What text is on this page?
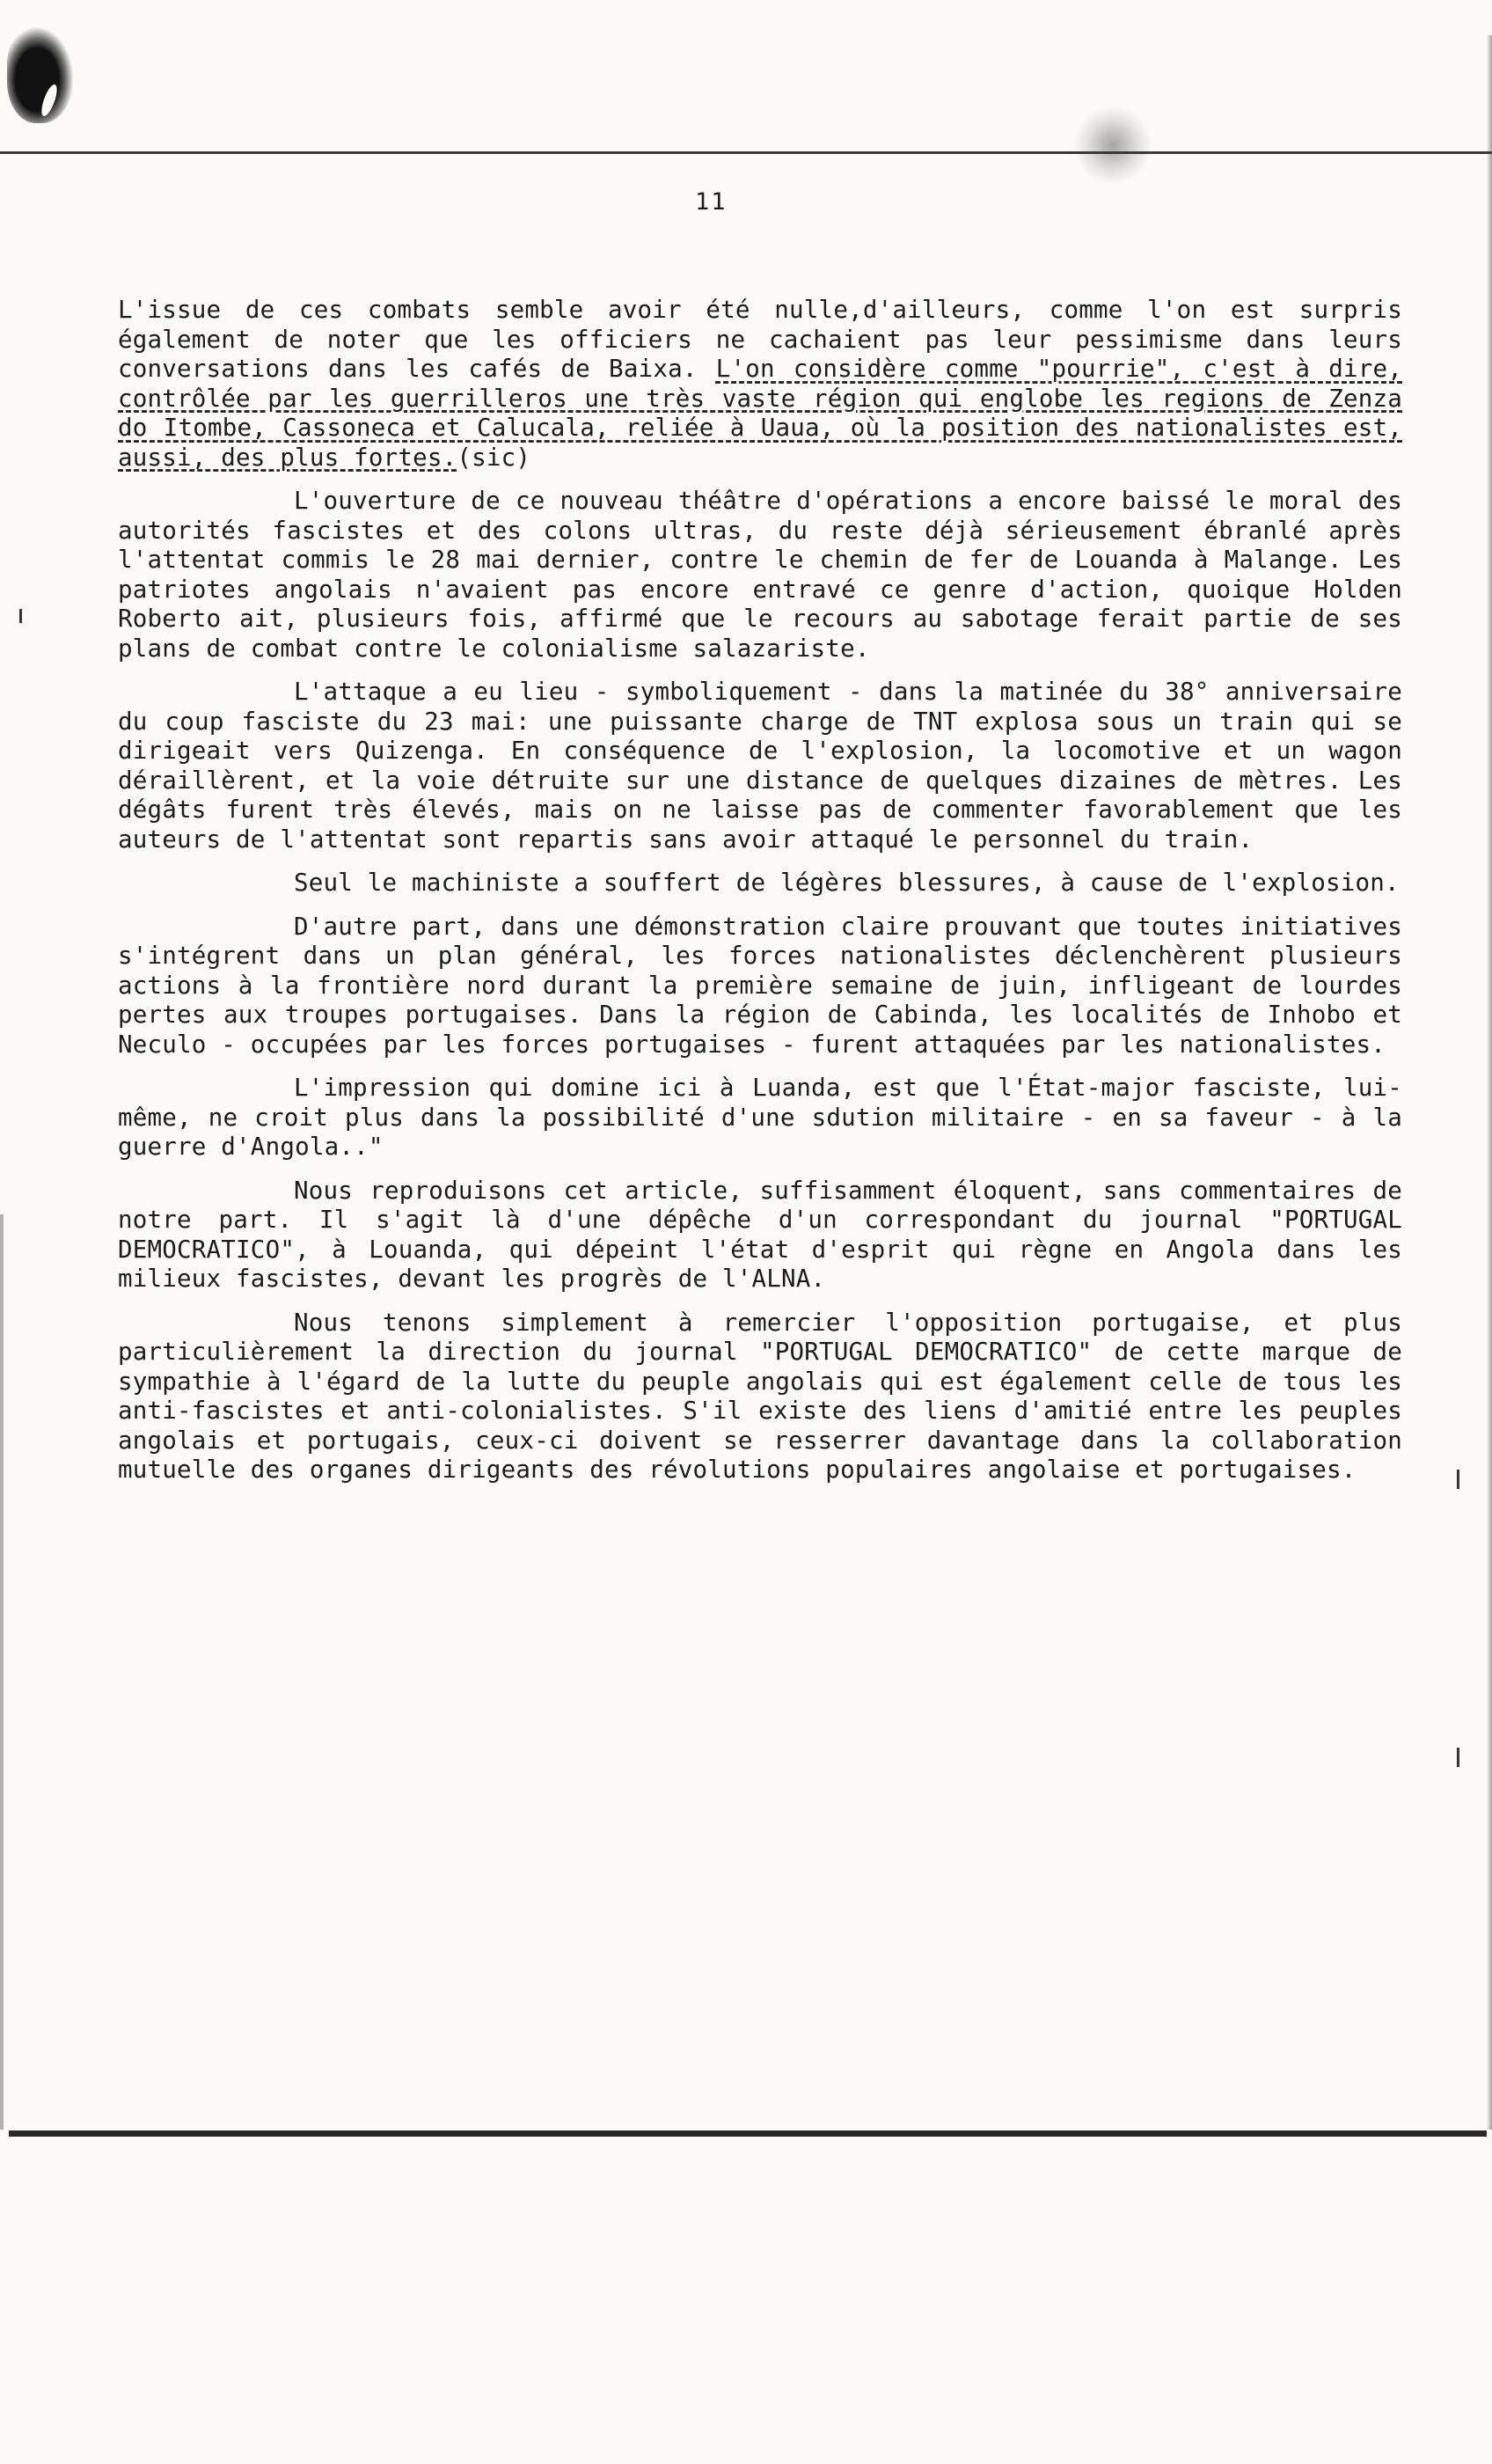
11

L'issue de ces combats semble avoir été nulle,d'ailleurs, comme l'on est surpris également de noter que les officiers ne cachaient pas leur pessimisme dans leurs conversations dans les cafés de Baixa. L'on considère comme "pourrie", c'est à dire, contrôlée par les guerrilleros une très vaste région qui englobe les regions de Zenza do Itombe, Cassoneca et Calucala, reliée à Uaua, où la position des nationalistes est, aussi, des plus fortes.(sic)

L'ouverture de ce nouveau théâtre d'opérations a encore baissé le moral des autorités fascistes et des colons ultras, du reste déjà sérieusement ébranlé après l'attentat commis le 28 mai dernier, contre le chemin de fer de Louanda à Malange. Les patriotes angolais n'avaient pas encore entravé ce genre d'action, quoique Holden Roberto ait, plusieurs fois, affirmé que le recours au sabotage ferait partie de ses plans de combat contre le colonialisme salazariste.

L'attaque a eu lieu - symboliquement - dans la matinée du 38° anniversaire du coup fasciste du 23 mai: une puissante charge de TNT explosa sous un train qui se dirigeait vers Quizenga. En conséquence de l'explosion, la locomotive et un wagon déraillèrent, et la voie détruite sur une distance de quelques dizaines de mètres. Les dégâts furent très élevés, mais on ne laisse pas de commenter favorablement que les auteurs de l'attentat sont repartis sans avoir attaqué le personnel du train.

Seul le machiniste a souffert de légères blessures, à cause de l'explosion.

D'autre part, dans une démonstration claire prouvant que toutes initiatives s'intégrent dans un plan général, les forces nationalistes déclenchèrent plusieurs actions à la frontière nord durant la première semaine de juin, infligeant de lourdes pertes aux troupes portugaises. Dans la région de Cabinda, les localités de Inhobo et Neculo - occupées par les forces portugaises - furent attaquées par les nationalistes.

L'impression qui domine ici à Luanda, est que l'État-major fasciste, lui-même, ne croit plus dans la possibilité d'une sdution militaire - en sa faveur - à la guerre d'Angola.."

Nous reproduisons cet article, suffisamment éloquent, sans commentaires de notre part. Il s'agit là d'une dépêche d'un correspondant du journal "PORTUGAL DEMOCRATICO", à Louanda, qui dépeint l'état d'esprit qui règne en Angola dans les milieux fascistes, devant les progrès de l'ALNA.

Nous tenons simplement à remercier l'opposition portugaise, et plus particulièrement la direction du journal "PORTUGAL DEMOCRATICO" de cette marque de sympathie à l'égard de la lutte du peuple angolais qui est également celle de tous les anti-fascistes et anti-colonialistes. S'il existe des liens d'amitié entre les peuples angolais et portugais, ceux-ci doivent se resserrer davantage dans la collaboration mutuelle des organes dirigeants des révolutions populaires angolaise et portugaises.
